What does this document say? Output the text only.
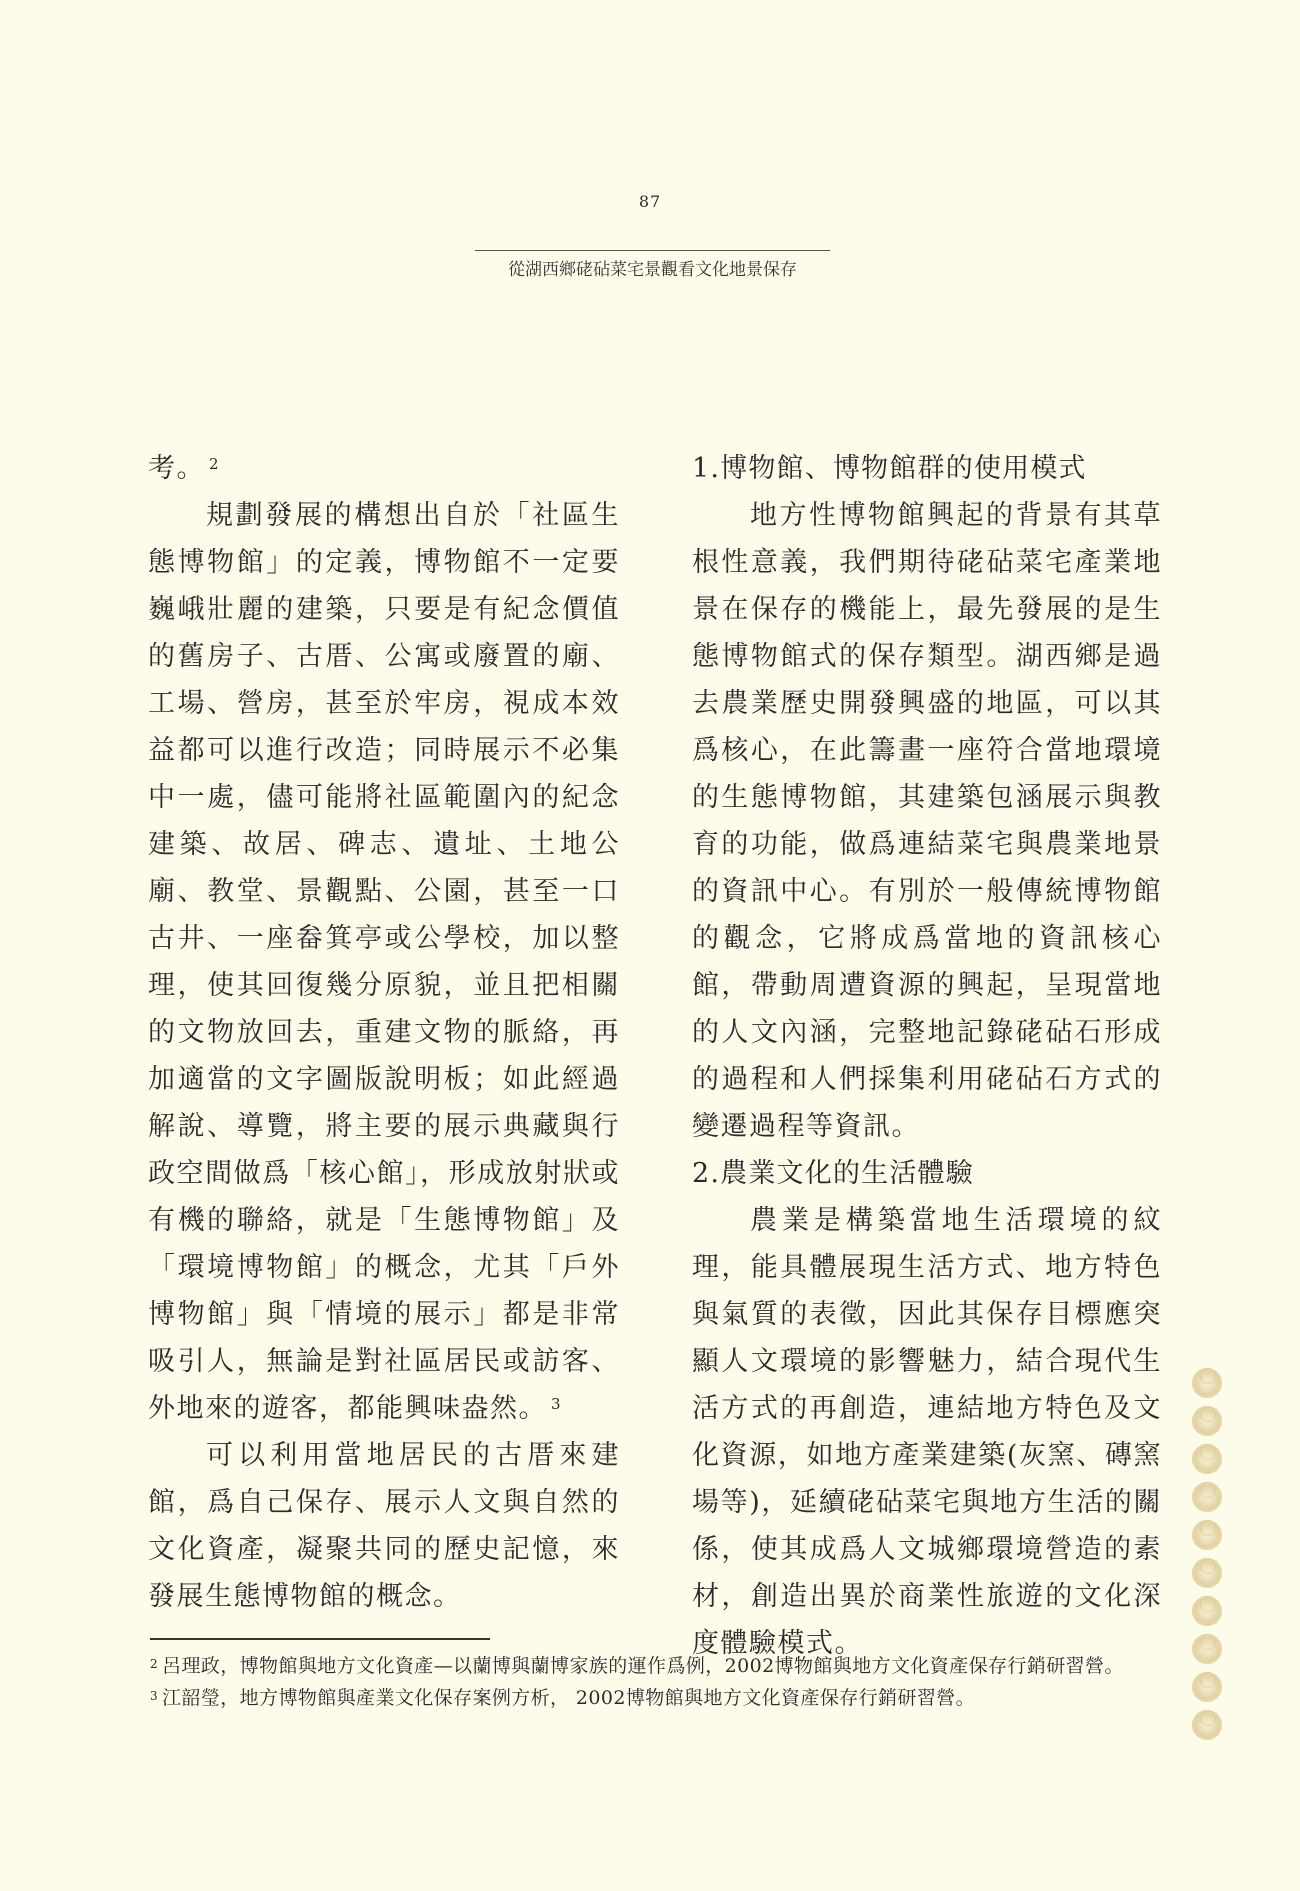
87
從湖西鄉硓砧菜宅景觀看文化地景保存

考。 $^2$

規劃發展的構想出自於「社區生態博物館」的定義，博物館不一定要巍峨壯麗的建築，只要是有紀念價值的舊房子、古厝、公寓或廢置的廟、工場、營房，甚至於牢房，視成本效益都可以進行改造；同時展示不必集中一處，儘可能將社區範圍內的紀念建築、故居、碑志、遺址、土地公廟、教堂、景觀點、公園，甚至一口古井、一座畚箕亭或公學校，加以整理，使其回復幾分原貌，並且把相關的文物放回去，重建文物的脈絡，再加適當的文字圖版說明板；如此經過解說、導覽，將主要的展示典藏與行政空間做爲「核心館」，形成放射狀或有機的聯絡，就是「生態博物館」及「環境博物館」的概念，尤其「戶外博物館」與「情境的展示」都是非常吸引人，無論是對社區居民或訪客、外地來的遊客，都能興味盎然。 $^3$

可以利用當地居民的古厝來建館，爲自己保存、展示人文與自然的文化資產，凝聚共同的歷史記憶，來發展生態博物館的概念。

1.博物館、博物館群的使用模式

地方性博物館興起的背景有其草根性意義，我們期待硓砧菜宅產業地景在保存的機能上，最先發展的是生態博物館式的保存類型。湖西鄉是過去農業歷史開發興盛的地區，可以其爲核心，在此籌畫一座符合當地環境的生態博物館，其建築包涵展示與教育的功能，做爲連結菜宅與農業地景的資訊中心。有別於一般傳統博物館的觀念，它將成爲當地的資訊核心館，帶動周遭資源的興起，呈現當地的人文內涵，完整地記錄硓砧石形成的過程和人們採集利用硓砧石方式的變遷過程等資訊。

2.農業文化的生活體驗

農業是構築當地生活環境的紋理，能具體展現生活方式、地方特色與氣質的表徵，因此其保存目標應突顯人文環境的影響魅力，結合現代生活方式的再創造，連結地方特色及文化資源，如地方產業建築(灰窯、磚窯場等)，延續硓砧菜宅與地方生活的關係，使其成爲人文城鄉環境營造的素材，創造出異於商業性旅遊的文化深度體驗模式。

$^2$ 呂理政，博物館與地方文化資產—以蘭博與蘭博家族的運作爲例，2002博物館與地方文化資產保存行銷研習營。
$^3$ 江韶瑩，地方博物館與產業文化保存案例方析， 2002博物館與地方文化資產保存行銷研習營。
